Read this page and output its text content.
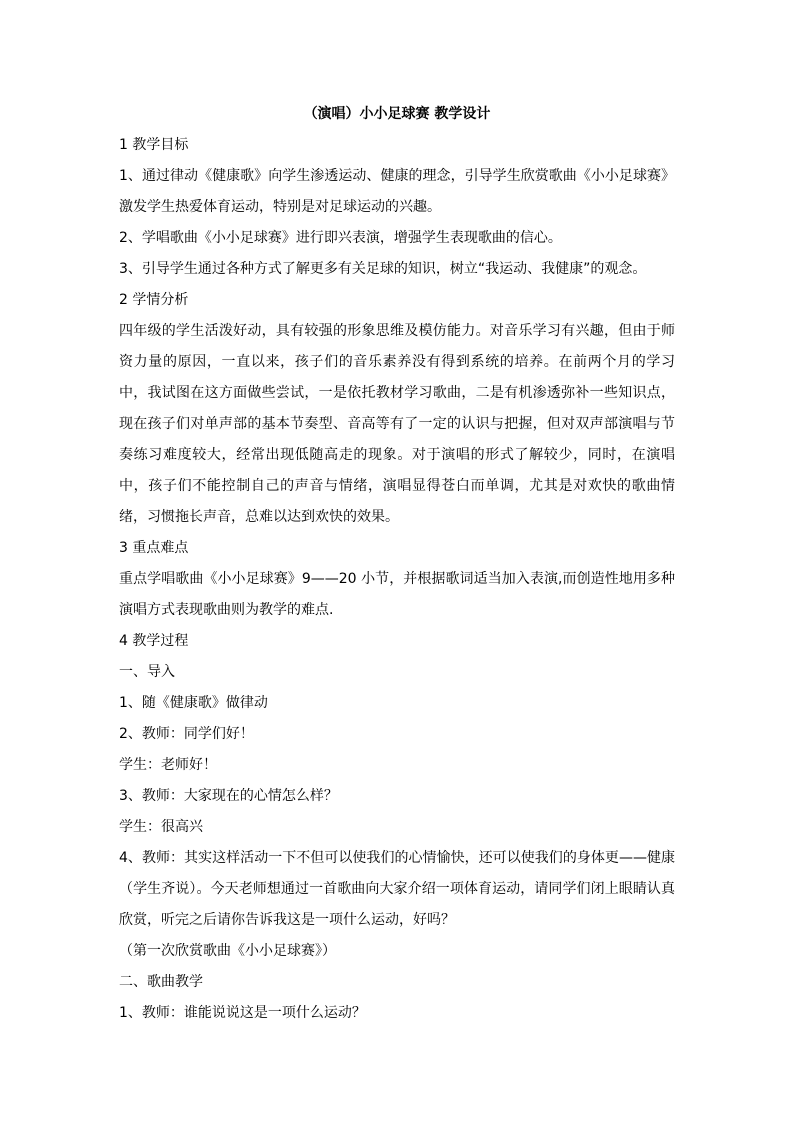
（演唱）小小足球赛 教学设计

1 教学目标

1、通过律动《健康歌》向学生渗透运动、健康的理念，引导学生欣赏歌曲《小小足球赛》激发学生热爱体育运动，特别是对足球运动的兴趣。

2、学唱歌曲《小小足球赛》进行即兴表演，增强学生表现歌曲的信心。

3、引导学生通过各种方式了解更多有关足球的知识，树立“我运动、我健康”的观念。

2 学情分析

四年级的学生活泼好动，具有较强的形象思维及模仿能力。对音乐学习有兴趣，但由于师资力量的原因，一直以来，孩子们的音乐素养没有得到系统的培养。在前两个月的学习中，我试图在这方面做些尝试，一是依托教材学习歌曲，二是有机渗透弥补一些知识点，现在孩子们对单声部的基本节奏型、音高等有了一定的认识与把握，但对双声部演唱与节奏练习难度较大，经常出现低随高走的现象。对于演唱的形式了解较少，同时，在演唱中，孩子们不能控制自己的声音与情绪，演唱显得苍白而单调，尤其是对欢快的歌曲情绪，习惯拖长声音，总难以达到欢快的效果。

3 重点难点

重点学唱歌曲《小小足球赛》9——20 小节，并根据歌词适当加入表演,而创造性地用多种演唱方式表现歌曲则为教学的难点.

4 教学过程

一、导入

1、随《健康歌》做律动

2、教师：同学们好！

学生：老师好！

3、教师：大家现在的心情怎么样？

学生：很高兴

4、教师：其实这样活动一下不但可以使我们的心情愉快，还可以使我们的身体更——健康（学生齐说）。今天老师想通过一首歌曲向大家介绍一项体育运动，请同学们闭上眼睛认真欣赏，听完之后请你告诉我这是一项什么运动，好吗？

（第一次欣赏歌曲《小小足球赛》）

二、歌曲教学

1、教师：谁能说说这是一项什么运动？
